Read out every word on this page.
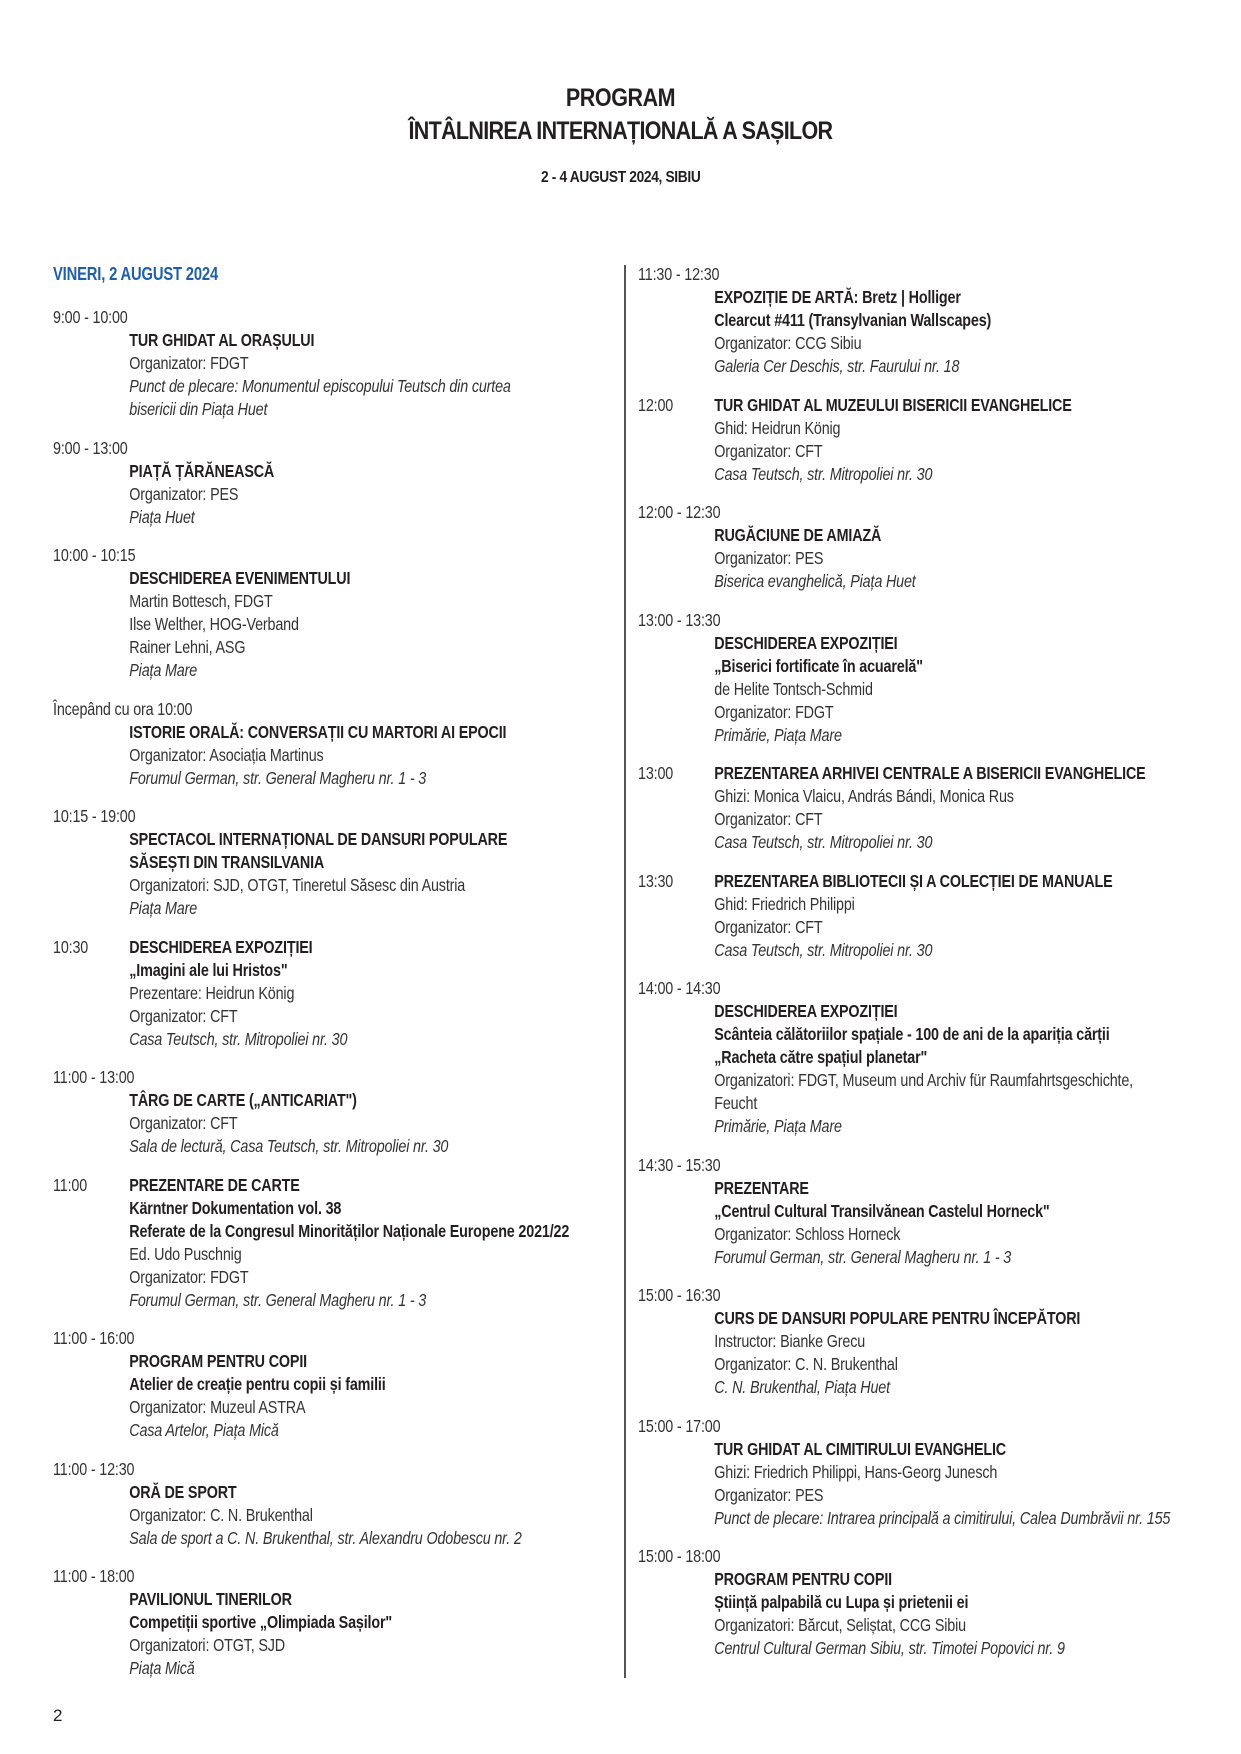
PROGRAM
ÎNTÂLNIREA INTERNAȚIONALĂ A SAȘILOR
2 - 4 AUGUST 2024, SIBIU
VINERI, 2 AUGUST 2024
9:00 - 10:00
TUR GHIDAT AL ORAȘULUI
Organizator: FDGT
Punct de plecare: Monumentul episcopului Teutsch din curtea
bisericii din Piața Huet
9:00 - 13:00
PIAȚĂ ȚĂRĂNEASCĂ
Organizator: PES
Piața Huet
10:00 - 10:15
DESCHIDEREA EVENIMENTULUI
Martin Bottesch, FDGT
Ilse Welther, HOG-Verband
Rainer Lehni, ASG
Piața Mare
Începând cu ora 10:00
ISTORIE ORALĂ: CONVERSAȚII CU MARTORI AI EPOCII
Organizator: Asociația Martinus
Forumul German, str. General Magheru nr. 1 - 3
10:15 - 19:00
SPECTACOL INTERNAȚIONAL DE DANSURI POPULARE
SĂSEȘTI DIN TRANSILVANIA
Organizatori: SJD, OTGT, Tineretul Săsesc din Austria
Piața Mare
10:30	DESCHIDEREA EXPOZIȚIEI
„Imagini ale lui Hristos"
Prezentare: Heidrun König
Organizator: CFT
Casa Teutsch, str. Mitropoliei nr. 30
11:00 - 13:00
TÂRG DE CARTE („ANTICARIAT")
Organizator: CFT
Sala de lectură, Casa Teutsch, str. Mitropoliei nr. 30
11:00	PREZENTARE DE CARTE
Kärntner Dokumentation vol. 38
Referate de la Congresul Minorităților Naționale Europene 2021/22
Ed. Udo Puschnig
Organizator: FDGT
Forumul German, str. General Magheru nr. 1 - 3
11:00 - 16:00
PROGRAM PENTRU COPII
Atelier de creație pentru copii și familii
Organizator: Muzeul ASTRA
Casa Artelor, Piața Mică
11:00 - 12:30
ORĂ DE SPORT
Organizator: C. N. Brukenthal
Sala de sport a C. N. Brukenthal, str. Alexandru Odobescu nr. 2
11:00 - 18:00
PAVILIONUL TINERILOR
Competiții sportive „Olimpiada Sașilor"
Organizatori: OTGT, SJD
Piața Mică
11:30 - 12:30
EXPOZIȚIE DE ARTĂ: Bretz | Holliger
Clearcut #411 (Transylvanian Wallscapes)
Organizator: CCG Sibiu
Galeria Cer Deschis, str. Faurului nr. 18
12:00	TUR GHIDAT AL MUZEULUI BISERICII EVANGHELICE
Ghid: Heidrun König
Organizator: CFT
Casa Teutsch, str. Mitropoliei nr. 30
12:00 - 12:30
RUGĂCIUNE DE AMIAZĂ
Organizator: PES
Biserica evanghelică, Piața Huet
13:00 - 13:30
DESCHIDEREA EXPOZIȚIEI
„Biserici fortificate în acuarelă"
de Helite Tontsch-Schmid
Organizator: FDGT
Primărie, Piața Mare
13:00	PREZENTAREA ARHIVEI CENTRALE A BISERICII EVANGHELICE
Ghizi: Monica Vlaicu, András Bándi, Monica Rus
Organizator: CFT
Casa Teutsch, str. Mitropoliei nr. 30
13:30	PREZENTAREA BIBLIOTECII ȘI A COLECȚIEI DE MANUALE
Ghid: Friedrich Philippi
Organizator: CFT
Casa Teutsch, str. Mitropoliei nr. 30
14:00 - 14:30
DESCHIDEREA EXPOZIȚIEI
Scânteia călătoriilor spațiale - 100 de ani de la apariția cărții
„Racheta către spațiul planetar"
Organizatori: FDGT, Museum und Archiv für Raumfahrtsgeschichte,
Feucht
Primărie, Piața Mare
14:30 - 15:30
PREZENTARE
„Centrul Cultural Transilvănean Castelul Horneck"
Organizator: Schloss Horneck
Forumul German, str. General Magheru nr. 1 - 3
15:00 - 16:30
CURS DE DANSURI POPULARE PENTRU ÎNCEPĂTORI
Instructor: Bianke Grecu
Organizator: C. N. Brukenthal
C. N. Brukenthal, Piața Huet
15:00 - 17:00
TUR GHIDAT AL CIMITIRULUI EVANGHELIC
Ghizi: Friedrich Philippi, Hans-Georg Junesch
Organizator: PES
Punct de plecare: Intrarea principală a cimitirului, Calea Dumbrăvii nr. 155
15:00 - 18:00
PROGRAM PENTRU COPII
Știință palpabilă cu Lupa și prietenii ei
Organizatori: Bărcut, Seliștat, CCG Sibiu
Centrul Cultural German Sibiu, str. Timotei Popovici nr. 9
2
